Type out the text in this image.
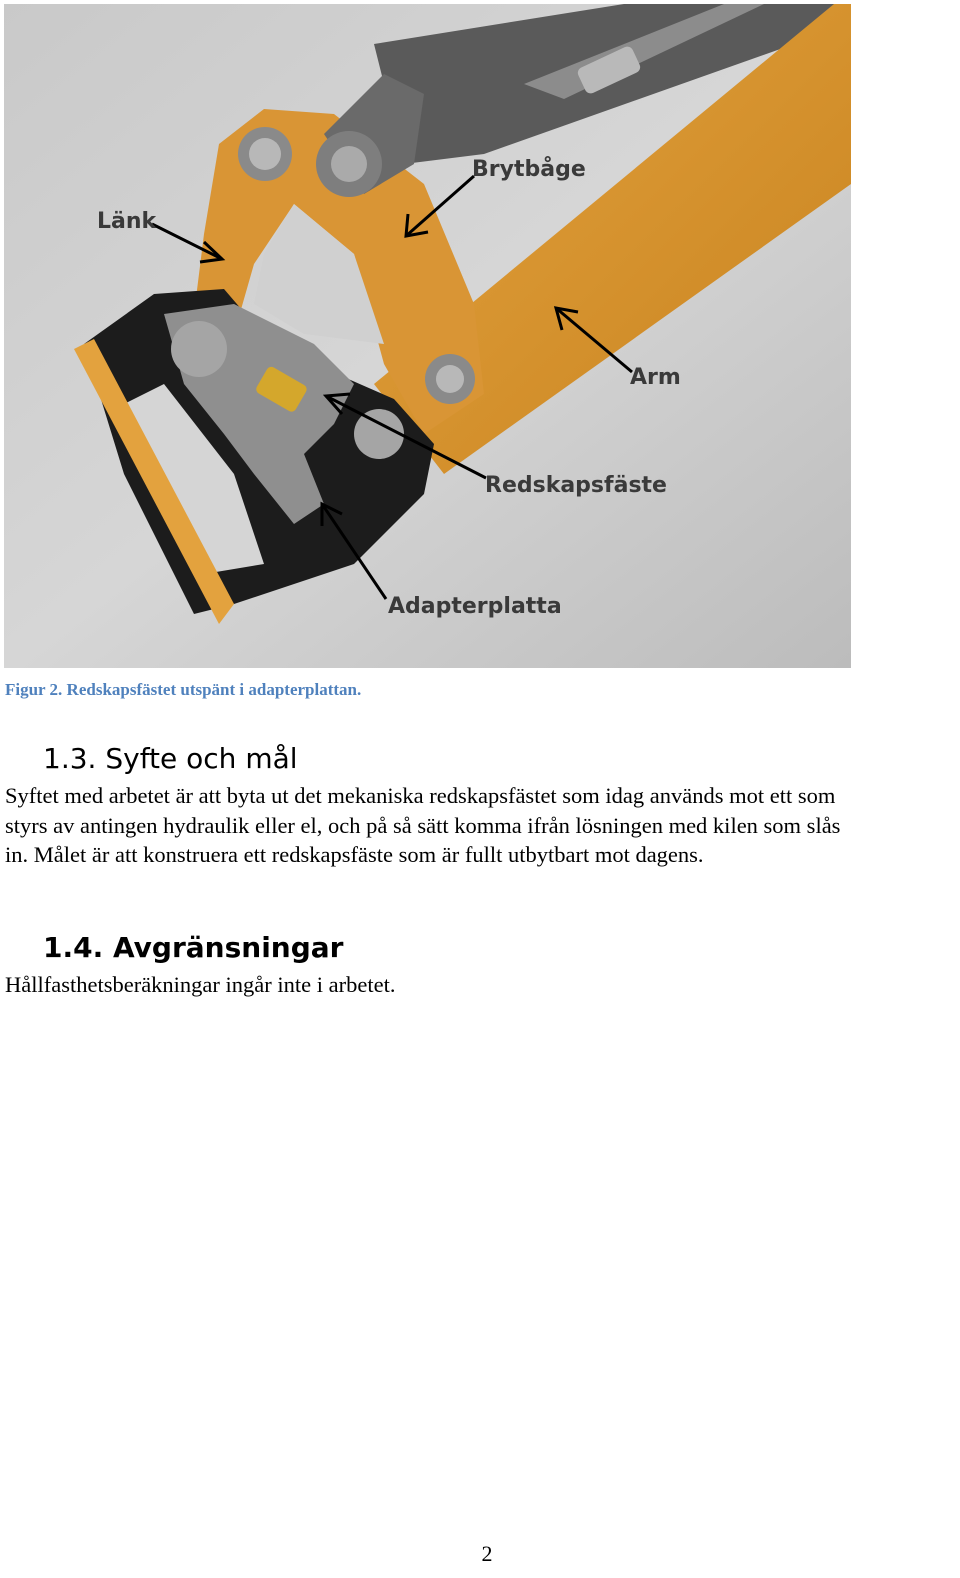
Länk
Brytbåge
Arm
Redskapsfäste
Adapterplatta
Figur 2. Redskapsfästet utspänt i adapterplattan.
1.3. Syfte och mål
Syftet med arbetet är att byta ut det mekaniska redskapsfästet som idag används mot ett som
styrs av antingen hydraulik eller el, och på så sätt komma ifrån lösningen med kilen som slås
in. Målet är att konstruera ett redskapsfäste som är fullt utbytbart mot dagens.
1.4. Avgränsningar
Hållfasthetsberäkningar ingår inte i arbetet.
2
